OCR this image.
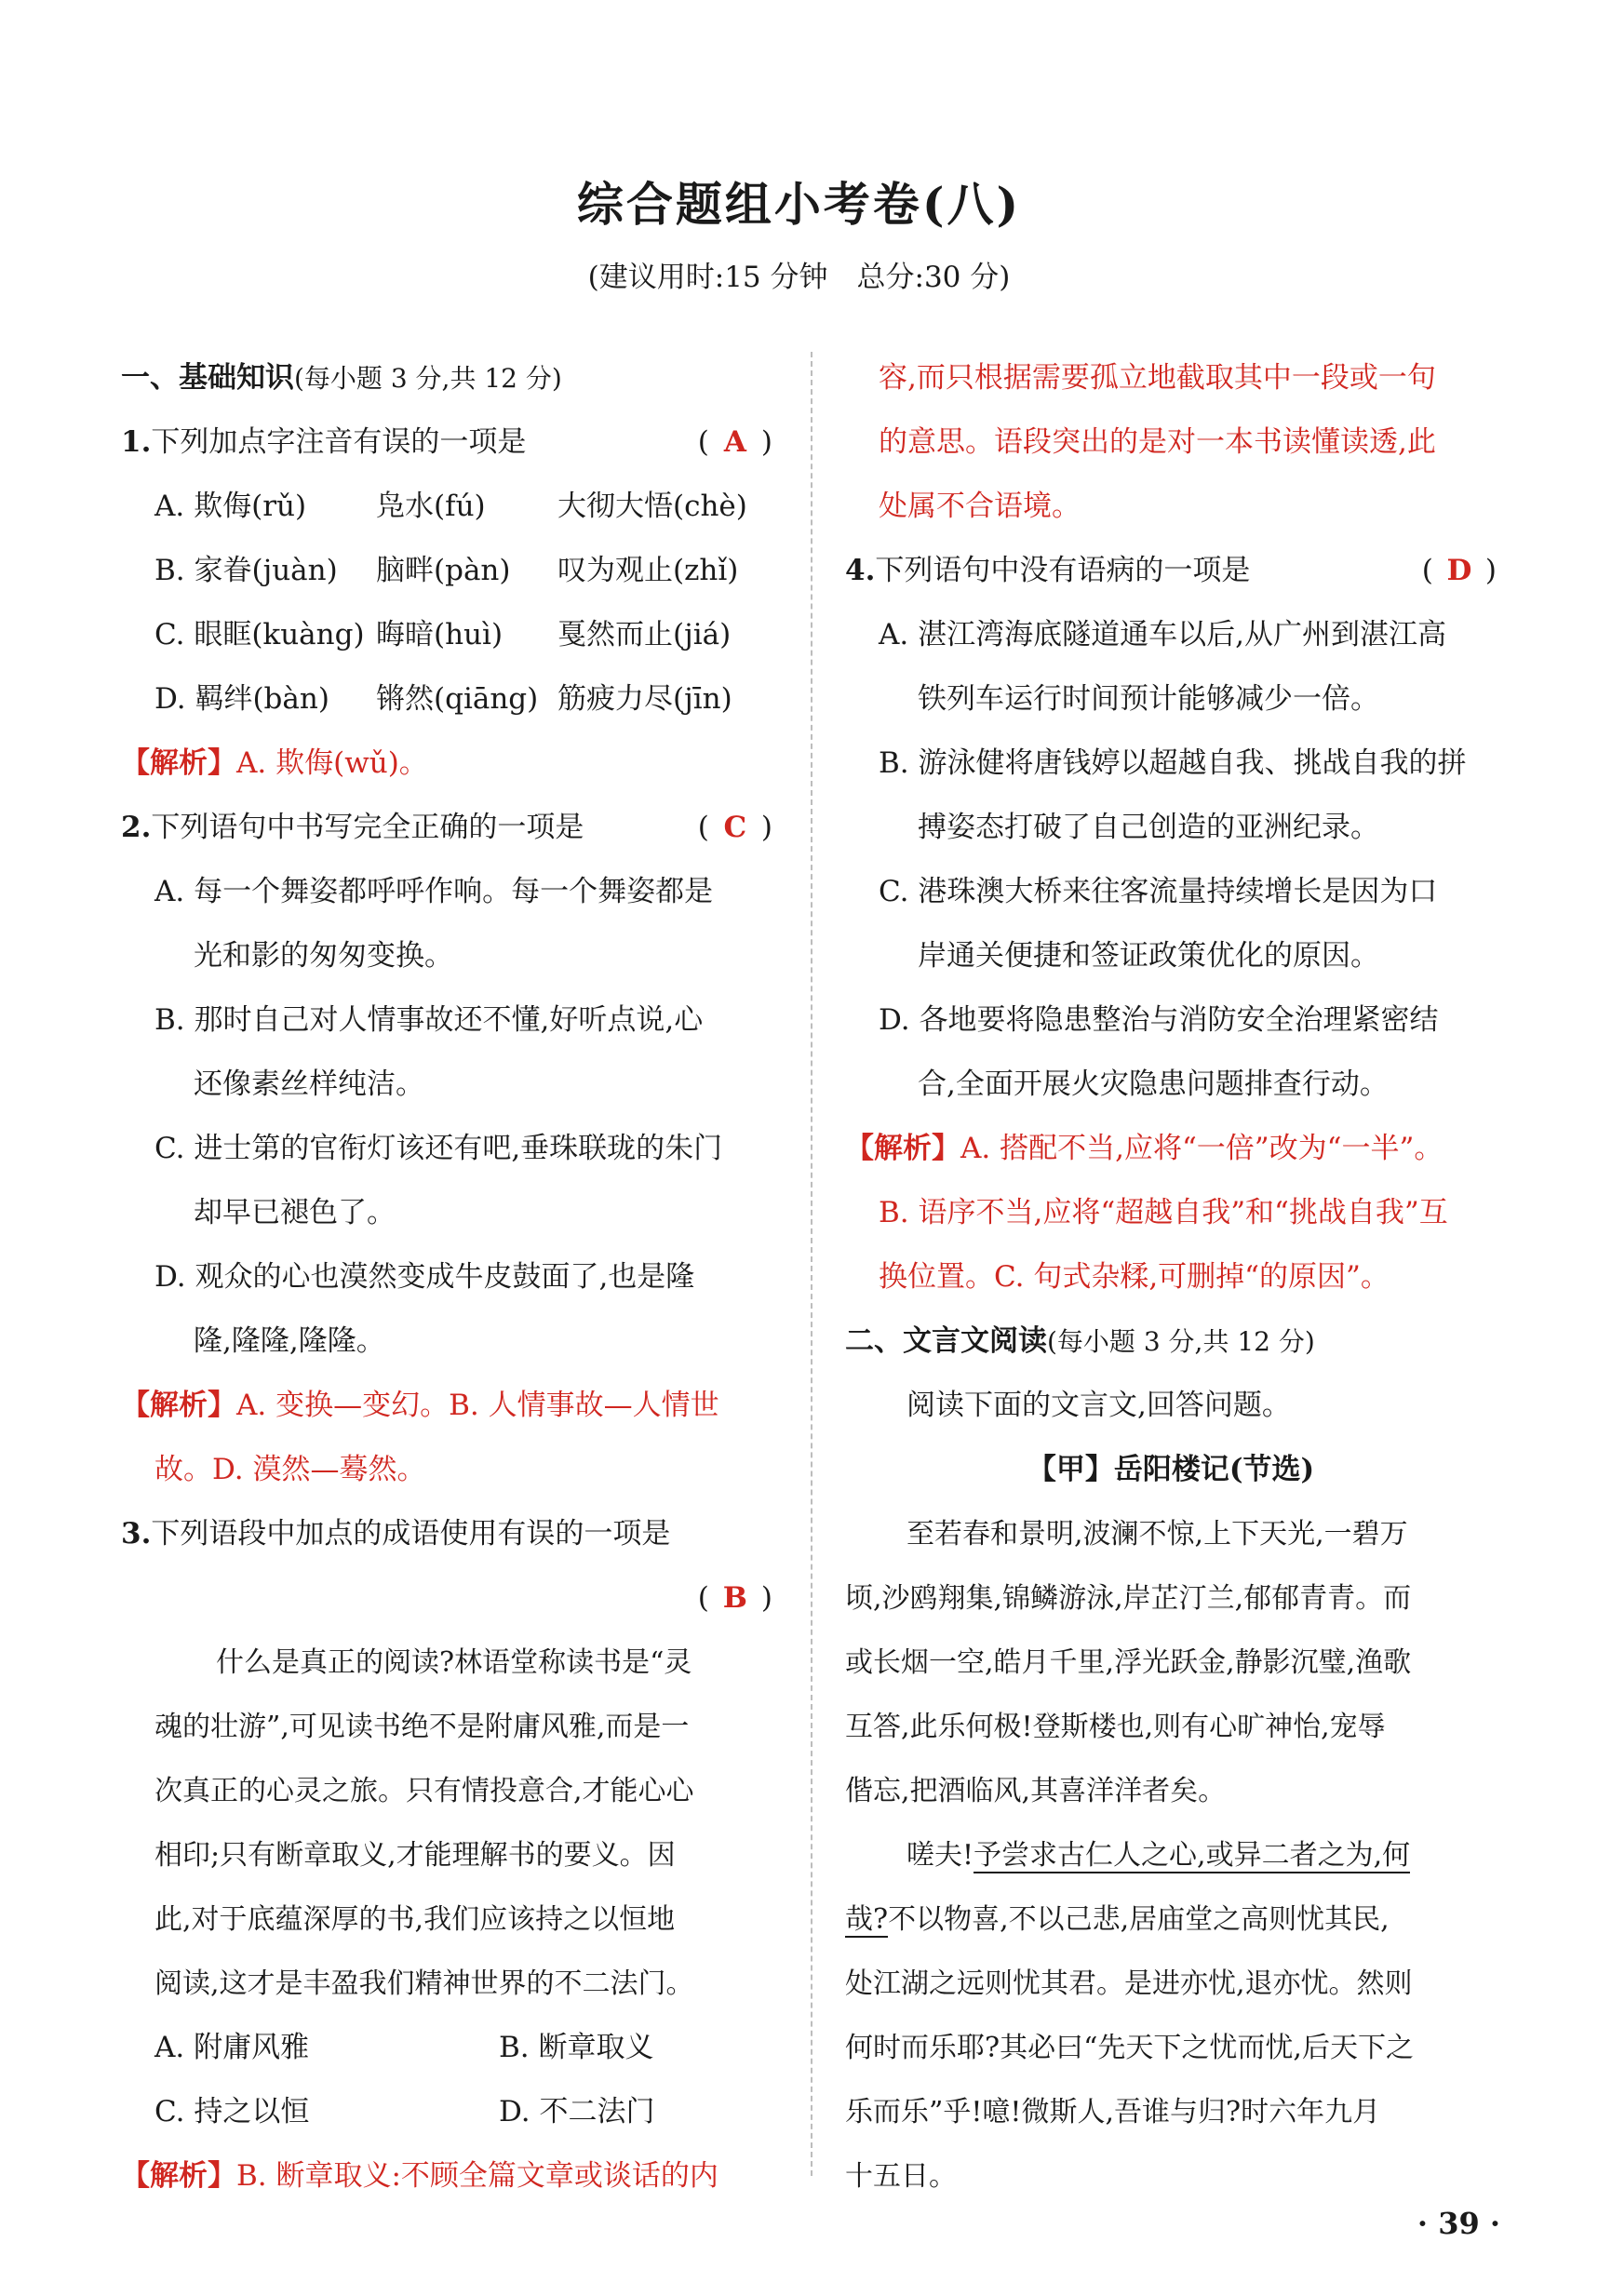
综合题组小考卷(八)
(建议用时:15 分钟　总分:30 分)
一、基础知识(每小题 3 分,共 12 分)
1.下列加点字注音有误的一项是	( A )
A. 欺侮(rǔ)	凫水(fú)	大彻大悟(chè)
B. 家眷(juàn)	脑畔(pàn)	叹为观止(zhǐ)
C. 眼眶(kuàng) 晦暗(huì)	戛然而止(jiá)
D. 羁绊(bàn)	锵然(qiāng) 筋疲力尽(jīn)
【解析】A. 欺侮(wǔ)。
2.下列语句中书写完全正确的一项是	( C )
A. 每一个舞姿都呼呼作响。每一个舞姿都是
光和影的匆匆变换。
B. 那时自己对人情事故还不懂,好听点说,心
还像素丝样纯洁。
C. 进士第的官衔灯该还有吧,垂珠联珑的朱门
却早已褪色了。
D. 观众的心也漠然变成牛皮鼓面了,也是隆
隆,隆隆,隆隆。
【解析】A. 变换—变幻。B. 人情事故—人情世
故。D. 漠然—蓦然。
3.下列语段中加点的成语使用有误的一项是
( B )
什么是真正的阅读?林语堂称读书是“灵
魂的壮游”,可见读书绝不是附庸风雅,而是一
次真正的心灵之旅。只有情投意合,才能心心
相印;只有断章取义,才能理解书的要义。因
此,对于底蕴深厚的书,我们应该持之以恒地
阅读,这才是丰盈我们精神世界的不二法门。
A. 附庸风雅	B. 断章取义
C. 持之以恒	D. 不二法门
【解析】B. 断章取义:不顾全篇文章或谈话的内
容,而只根据需要孤立地截取其中一段或一句
的意思。语段突出的是对一本书读懂读透,此
处属不合语境。
4.下列语句中没有语病的一项是	( D )
A. 湛江湾海底隧道通车以后,从广州到湛江高
铁列车运行时间预计能够减少一倍。
B. 游泳健将唐钱婷以超越自我、挑战自我的拼
搏姿态打破了自己创造的亚洲纪录。
C. 港珠澳大桥来往客流量持续增长是因为口
岸通关便捷和签证政策优化的原因。
D. 各地要将隐患整治与消防安全治理紧密结
合,全面开展火灾隐患问题排查行动。
【解析】A. 搭配不当,应将“一倍”改为“一半”。
B. 语序不当,应将“超越自我”和“挑战自我”互
换位置。C. 句式杂糅,可删掉“的原因”。
二、文言文阅读(每小题 3 分,共 12 分)
阅读下面的文言文,回答问题。
【甲】岳阳楼记(节选)
至若春和景明,波澜不惊,上下天光,一碧万
顷,沙鸥翔集,锦鳞游泳,岸芷汀兰,郁郁青青。而
或长烟一空,皓月千里,浮光跃金,静影沉璧,渔歌
互答,此乐何极!登斯楼也,则有心旷神怡,宠辱
偕忘,把酒临风,其喜洋洋者矣。
嗟夫!予尝求古仁人之心,或异二者之为,何
哉?不以物喜,不以己悲,居庙堂之高则忧其民,
处江湖之远则忧其君。是进亦忧,退亦忧。然则
何时而乐耶?其必曰“先天下之忧而忧,后天下之
乐而乐”乎!噫!微斯人,吾谁与归?时六年九月
十五日。
· 39 ·
